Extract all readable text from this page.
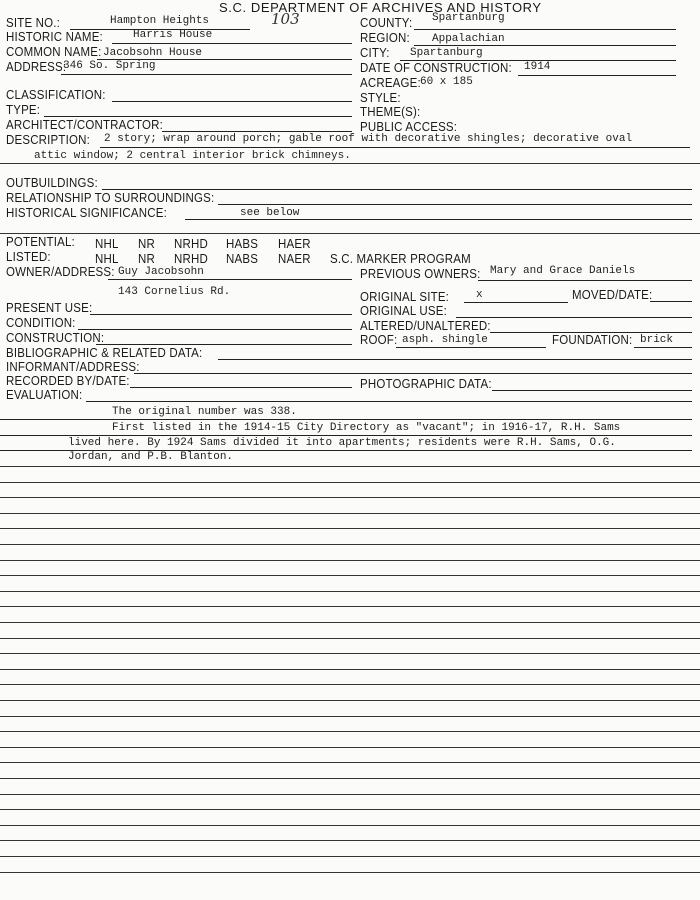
S.C. DEPARTMENT OF ARCHIVES AND HISTORY
103
SITE NO.:	Hampton Heights
HISTORIC NAME:	Harris House
COMMON NAME: Jacobsohn House
ADDRESS:
346 So. Spring
COUNTY: Spartanburg
REGION: Appalachian
CITY: Spartanburg
DATE OF CONSTRUCTION: 1914
ACREAGE: 60 x 185
STYLE:
THEME(S):
PUBLIC ACCESS:
CLASSIFICATION:
TYPE:
ARCHITECT/CONTRACTOR:
DESCRIPTION: 2 story; wrap around porch; gable roof with decorative shingles; decorative oval
attic window; 2 central interior brick chimneys.
OUTBUILDINGS:
RELATIONSHIP TO SURROUNDINGS:
HISTORICAL SIGNIFICANCE:	see below
POTENTIAL: NHL NR NRHD HABS HAER
LISTED:	NHL NR NRHD NABS NAER S.C. MARKER PROGRAM
OWNER/ADDRESS: Guy Jacobsohn
143 Cornelius Rd.
PREVIOUS OWNERS: Mary and Grace Daniels
ORIGINAL SITE: x	MOVED/DATE:
PRESENT USE:	ORIGINAL USE:
CONDITION:	ALTERED/UNALTERED:
CONSTRUCTION:	ROOF: asph. shingle	FOUNDATION: brick
BIBLIOGRAPHIC & RELATED DATA:
INFORMANT/ADDRESS:
RECORDED BY/DATE:	PHOTOGRAPHIC DATA:
EVALUATION:
The original number was 338.
First listed in the 1914-15 City Directory as "vacant"; in 1916-17, R.H. Sams
lived here. By 1924 Sams divided it into apartments; residents were R.H. Sams, O.G.
Jordan, and P.B. Blanton.
